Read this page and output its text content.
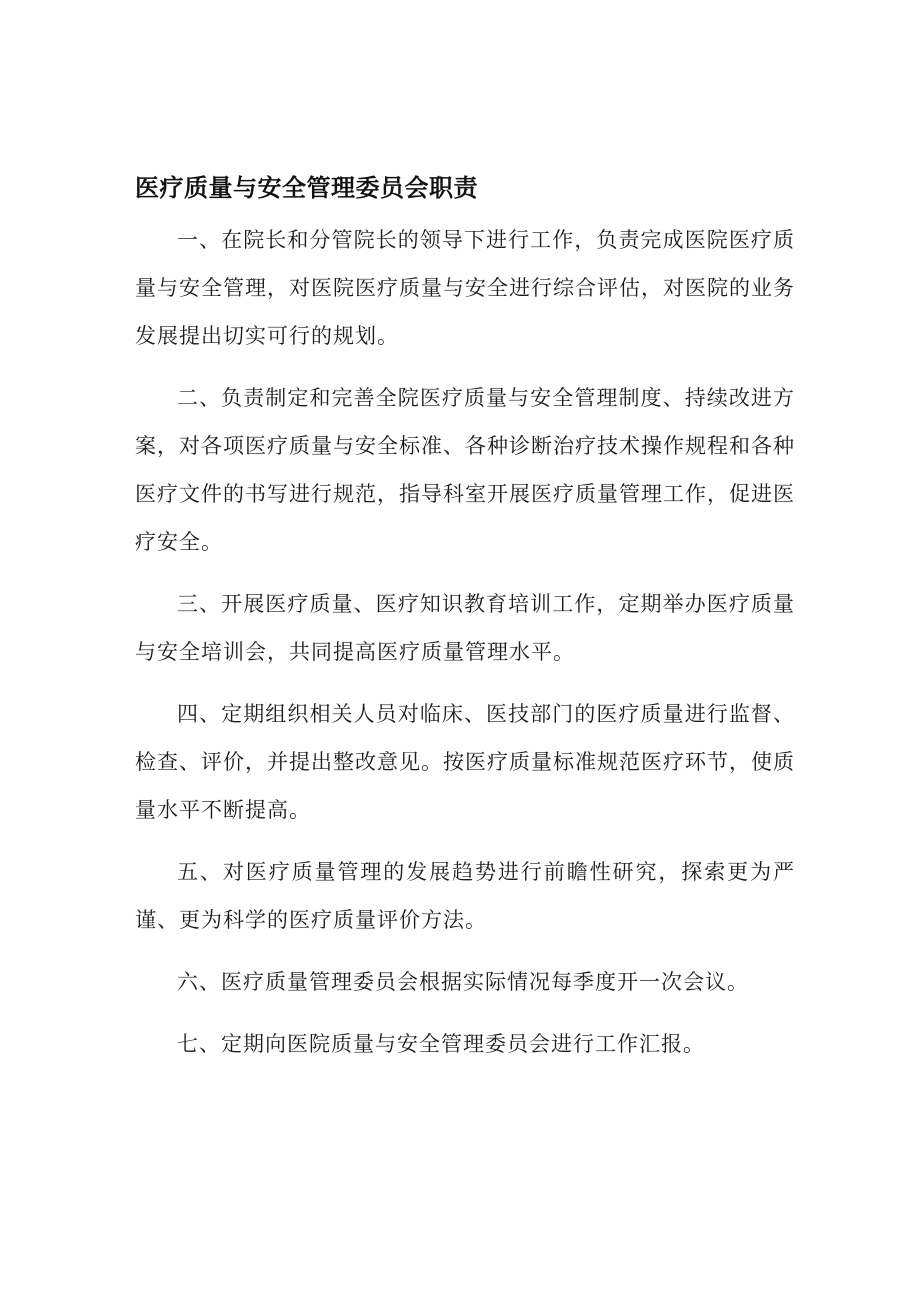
医疗质量与安全管理委员会职责

一、在院长和分管院长的领导下进行工作，负责完成医院医疗质量与安全管理，对医院医疗质量与安全进行综合评估，对医院的业务发展提出切实可行的规划。

二、负责制定和完善全院医疗质量与安全管理制度、持续改进方案，对各项医疗质量与安全标准、各种诊断治疗技术操作规程和各种医疗文件的书写进行规范，指导科室开展医疗质量管理工作，促进医疗安全。

三、开展医疗质量、医疗知识教育培训工作，定期举办医疗质量与安全培训会，共同提高医疗质量管理水平。

四、定期组织相关人员对临床、医技部门的医疗质量进行监督、检查、评价，并提出整改意见。按医疗质量标准规范医疗环节，使质量水平不断提高。

五、对医疗质量管理的发展趋势进行前瞻性研究，探索更为严谨、更为科学的医疗质量评价方法。

六、医疗质量管理委员会根据实际情况每季度开一次会议。

七、定期向医院质量与安全管理委员会进行工作汇报。
